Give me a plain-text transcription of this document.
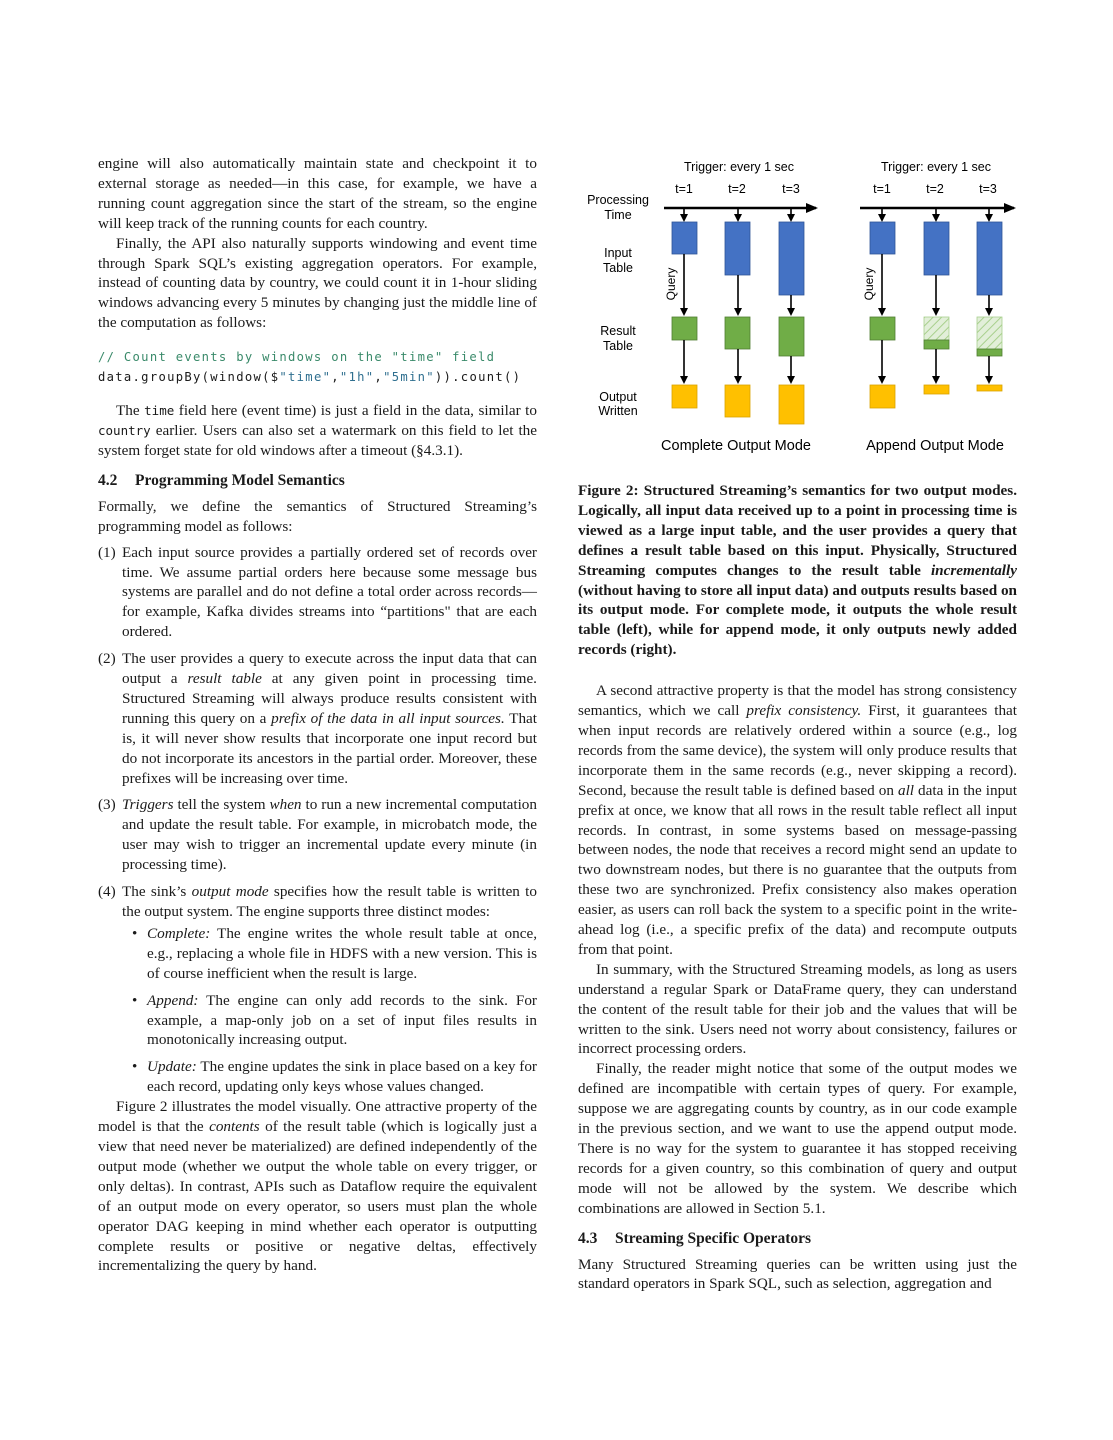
engine will also automatically maintain state and checkpoint it to external storage as needed—in this case, for example, we have a running count aggregation since the start of the stream, so the engine will keep track of the running counts for each country.

Finally, the API also naturally supports windowing and event time through Spark SQL’s existing aggregation operators. For example, instead of counting data by country, we could count it in 1-hour sliding windows advancing every 5 minutes by changing just the middle line of the computation as follows:

// Count events by windows on the "time" field
data.groupBy(window($"time","1h","5min")).count()

The time field here (event time) is just a field in the data, similar to country earlier. Users can also set a watermark on this field to let the system forget state for old windows after a timeout (§4.3.1).

4.2 Programming Model Semantics

Formally, we define the semantics of Structured Streaming’s programming model as follows:

(1) Each input source provides a partially ordered set of records over time. We assume partial orders here because some message bus systems are parallel and do not define a total order across records—for example, Kafka divides streams into “partitions" that are each ordered.
(2) The user provides a query to execute across the input data that can output a result table at any given point in processing time. Structured Streaming will always produce results consistent with running this query on a prefix of the data in all input sources. That is, it will never show results that incorporate one input record but do not incorporate its ancestors in the partial order. Moreover, these prefixes will be increasing over time.
(3) Triggers tell the system when to run a new incremental computation and update the result table. For example, in microbatch mode, the user may wish to trigger an incremental update every minute (in processing time).
(4) The sink’s output mode specifies how the result table is written to the output system. The engine supports three distinct modes:
• Complete: The engine writes the whole result table at once, e.g., replacing a whole file in HDFS with a new version. This is of course inefficient when the result is large.
• Append: The engine can only add records to the sink. For example, a map-only job on a set of input files results in monotonically increasing output.
• Update: The engine updates the sink in place based on a key for each record, updating only keys whose values changed.

Figure 2 illustrates the model visually. One attractive property of the model is that the contents of the result table (which is logically just a view that need never be materialized) are defined independently of the output mode (whether we output the whole table on every trigger, or only deltas). In contrast, APIs such as Dataflow require the equivalent of an output mode on every operator, so users must plan the whole operator DAG keeping in mind whether each operator is outputting complete results or positive or negative deltas, effectively incrementalizing the query by hand.

Processing
Time
Input
Table
Result
Table
Output
Written
Trigger: every 1 sec
t=1	t=2	t=3
Query
Complete Output Mode
Trigger: every 1 sec
t=1	t=2	t=3
Query
Append Output Mode

Figure 2: Structured Streaming’s semantics for two output modes. Logically, all input data received up to a point in processing time is viewed as a large input table, and the user provides a query that defines a result table based on this input. Physically, Structured Streaming computes changes to the result table incrementally (without having to store all input data) and outputs results based on its output mode. For complete mode, it outputs the whole result table (left), while for append mode, it only outputs newly added records (right).

A second attractive property is that the model has strong consistency semantics, which we call prefix consistency. First, it guarantees that when input records are relatively ordered within a source (e.g., log records from the same device), the system will only produce results that incorporate them in the same records (e.g., never skipping a record). Second, because the result table is defined based on all data in the input prefix at once, we know that all rows in the result table reflect all input records. In contrast, in some systems based on message-passing between nodes, the node that receives a record might send an update to two downstream nodes, but there is no guarantee that the outputs from these two are synchronized. Prefix consistency also makes operation easier, as users can roll back the system to a specific point in the write-ahead log (i.e., a specific prefix of the data) and recompute outputs from that point.

In summary, with the Structured Streaming models, as long as users understand a regular Spark or DataFrame query, they can understand the content of the result table for their job and the values that will be written to the sink. Users need not worry about consistency, failures or incorrect processing orders.

Finally, the reader might notice that some of the output modes we defined are incompatible with certain types of query. For example, suppose we are aggregating counts by country, as in our code example in the previous section, and we want to use the append output mode. There is no way for the system to guarantee it has stopped receiving records for a given country, so this combination of query and output mode will not be allowed by the system. We describe which combinations are allowed in Section 5.1.

4.3 Streaming Specific Operators

Many Structured Streaming queries can be written using just the standard operators in Spark SQL, such as selection, aggregation and
